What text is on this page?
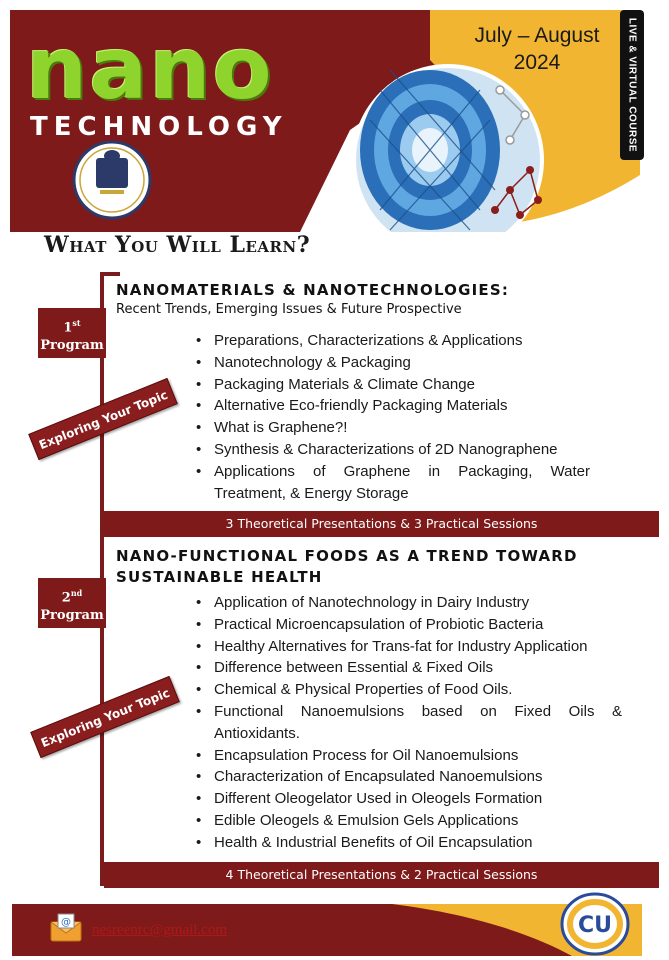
nano
TECHNOLOGY
July – August
2024	LIVE & VIRTUAL COURSE
What You Will Learn?
1st
Program
Exploring Your Topic
NANOMATERIALS & NANOTECHNOLOGIES:
Recent Trends, Emerging Issues & Future Prospective
• Preparations, Characterizations & Applications
• Nanotechnology & Packaging
• Packaging Materials & Climate Change
• Alternative Eco-friendly Packaging Materials
• What is Graphene?!
• Synthesis & Characterizations of 2D Nanographene
• Applications of Graphene in Packaging, Water Treatment, & Energy Storage
3 Theoretical Presentations & 3 Practical Sessions
NANO-FUNCTIONAL FOODS AS A TREND TOWARD
SUSTAINABLE HEALTH
2nd
Program
Exploring Your Topic
• Application of Nanotechnology in Dairy Industry
• Practical Microencapsulation of Probiotic Bacteria
• Healthy Alternatives for Trans-fat for Industry Application
• Difference between Essential & Fixed Oils
• Chemical & Physical Properties of Food Oils.
• Functional Nanoemulsions based on Fixed Oils & Antioxidants.
• Encapsulation Process for Oil Nanoemulsions
• Characterization of Encapsulated Nanoemulsions
• Different Oleogelator Used in Oleogels Formation
• Edible Oleogels & Emulsion Gels Applications
• Health & Industrial Benefits of Oil Encapsulation
4 Theoretical Presentations & 2 Practical Sessions
@ nesreenrc@gmail.com	CU
